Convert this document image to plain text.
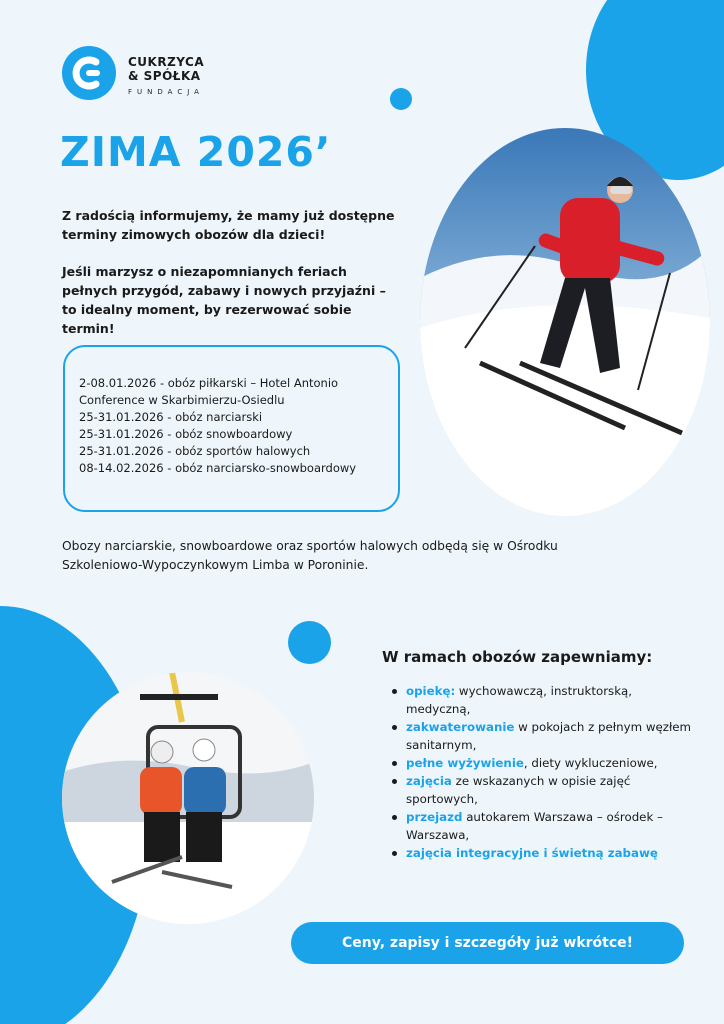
CUKRZYCA
& SPÓŁKA
FUNDACJA
ZIMA 2026’

Z radością informujemy, że mamy już dostępne terminy zimowych obozów dla dzieci!

Jeśli marzysz o niezapomnianych feriach pełnych przygód, zabawy i nowych przyjaźni – to idealny moment, by rezerwować sobie termin!

2-08.01.2026 - obóz piłkarski – Hotel Antonio Conference w Skarbimierzu-Osiedlu
25-31.01.2026 - obóz narciarski
25-31.01.2026 - obóz snowboardowy
25-31.01.2026 - obóz sportów halowych
08-14.02.2026 - obóz narciarsko-snowboardowy
Obozy narciarskie, snowboardowe oraz sportów halowych odbędą się w Ośrodku Szkoleniowo-Wypoczynkowym Limba w Poroninie.
W ramach obozów zapewniamy:
opiekę: wychowawczą, instruktorską, medyczną,
zakwaterowanie w pokojach z pełnym węzłem sanitarnym,
pełne wyżywienie, diety wykluczeniowe,
zajęcia ze wskazanych w opisie zajęć sportowych,
przejazd autokarem Warszawa – ośrodek – Warszawa,
zajęcia integracyjne i świetną zabawę
Ceny, zapisy i szczegóły już wkrótce!
